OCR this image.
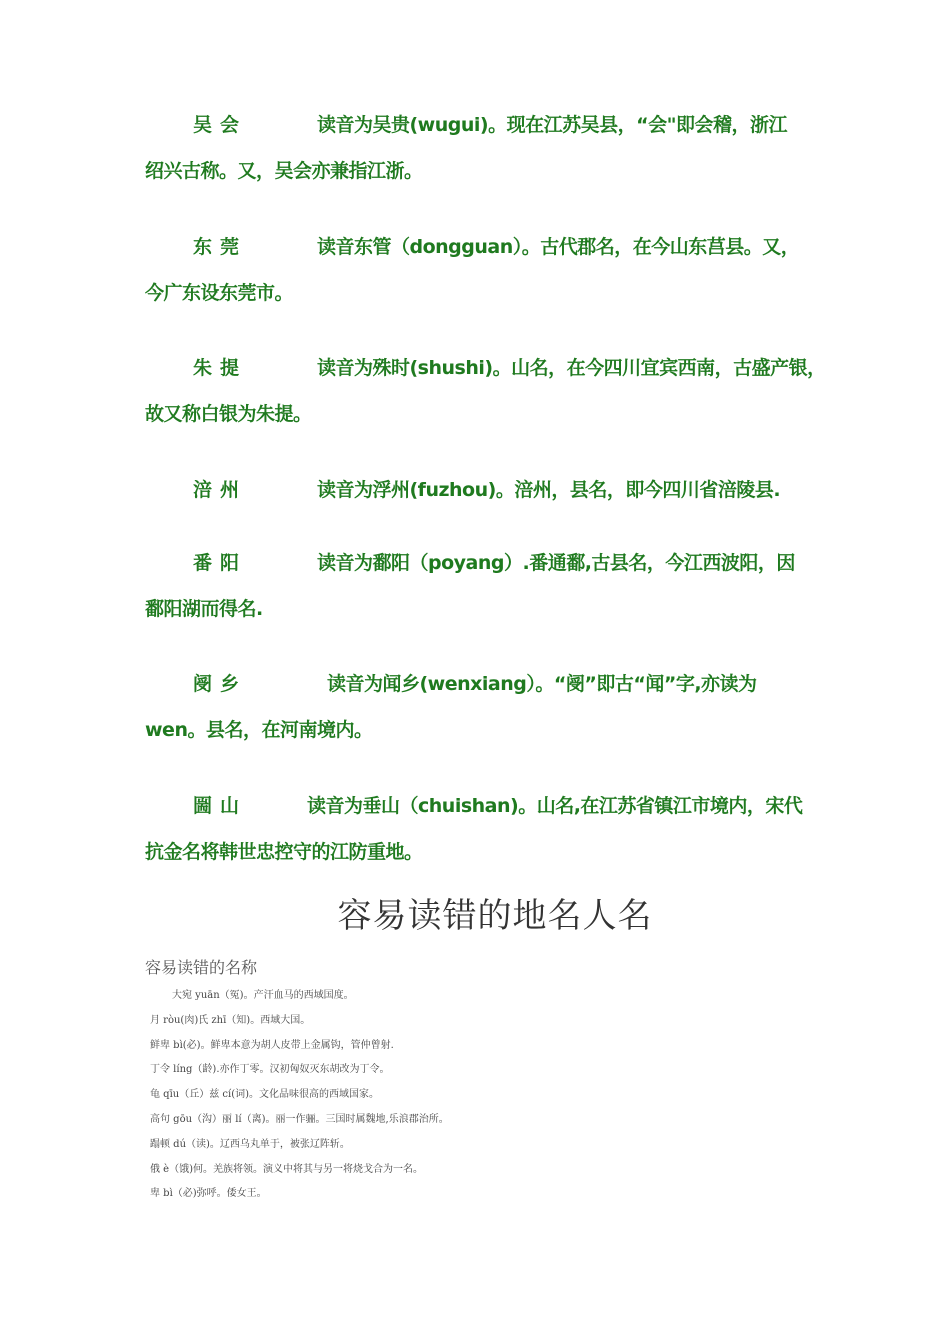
吴会	读音为吴贵(wugui)。现在江苏吴县，“会"即会稽，浙江
绍兴古称。又，吴会亦兼指江浙。
东莞	读音东管（dongguan）。古代郡名，在今山东莒县。又，
今广东设东莞市。
朱提	读音为殊时(shushi)。山名，在今四川宜宾西南，古盛产银，
故又称白银为朱提。
涪州	读音为浮州(fuzhou)。涪州，县名，即今四川省涪陵县.
番阳	读音为鄱阳（poyang）.番通鄱,古县名，今江西波阳，因
鄱阳湖而得名.
阌乡	读音为闻乡(wenxiang）。“阌”即古“闻”字,亦读为
wen。县名，在河南境内。
圌山	读音为垂山（chuishan)。山名,在江苏省镇江市境内，宋代
抗金名将韩世忠控守的江防重地。
容易读错的地名人名
容易读错的名称
大宛 yuān（冤)。产汗血马的西域国度。
月 ròu(肉)氏 zhī（知)。西域大国。
鲜卑 bì(必)。鲜卑本意为胡人皮带上金属钩，管仲曾射.
丁令 líng（龄).亦作丁零。汉初匈奴灭东胡改为丁令。
龟 qīu（丘）兹 cí(词)。文化品味很高的西域国家。
高句 gōu（沟）丽 lí（离)。丽一作骊。三国时属魏地,乐浪郡治所。
蹋顿 dú（读)。辽西乌丸单于，被张辽阵斩。
俄 è（饿)何。羌族将领。演义中将其与另一将烧戈合为一名。
卑 bì（必)弥呼。倭女王。
